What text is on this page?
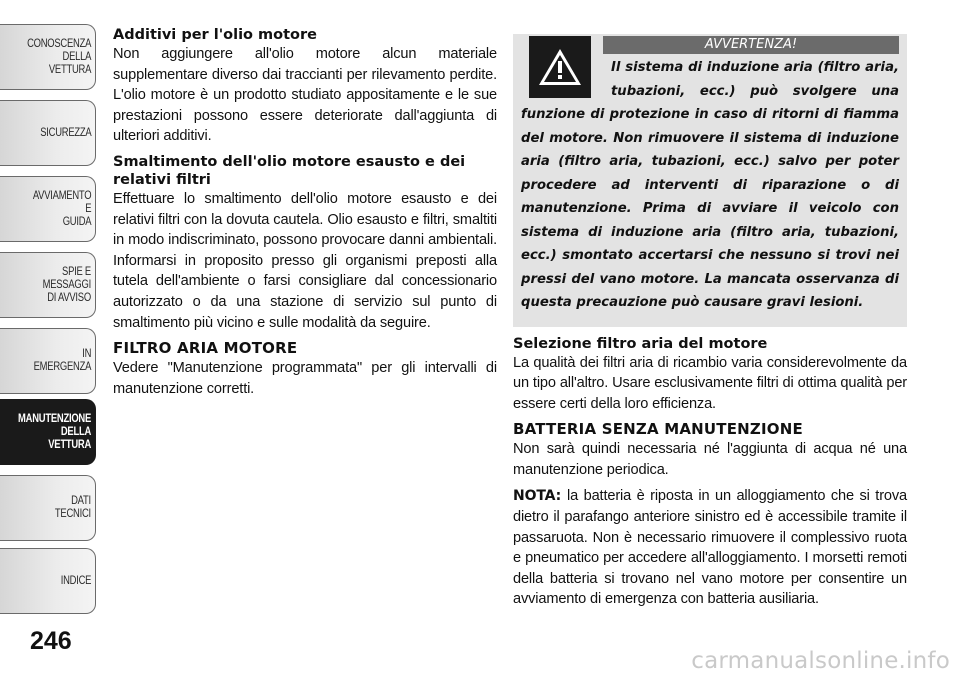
CONOSCENZA
DELLA
VETTURA
SICUREZZA
AVVIAMENTO
E
GUIDA
SPIE E
MESSAGGI
DI AVVISO
IN
EMERGENZA
MANUTENZIONE
DELLA
VETTURA
DATI
TECNICI
INDICE
246
Additivi per l'olio motore

Non aggiungere all'olio motore alcun materiale supplementare diverso dai traccianti per rilevamento perdite. L'olio motore è un prodotto studiato appositamente e le sue prestazioni possono essere deteriorate dall'aggiunta di ulteriori additivi.

Smaltimento dell'olio motore esausto e dei relativi filtri

Effettuare lo smaltimento dell'olio motore esausto e dei relativi filtri con la dovuta cautela. Olio esausto e filtri, smaltiti in modo indiscriminato, possono provocare danni ambientali. Informarsi in proposito presso gli organismi preposti alla tutela dell'ambiente o farsi consigliare dal concessionario autorizzato o da una stazione di servizio sul punto di smaltimento più vicino e sulle modalità da seguire.

FILTRO ARIA MOTORE

Vedere "Manutenzione programmata" per gli intervalli di manutenzione corretti.

AVVERTENZA!
Il sistema di induzione aria (filtro aria, tubazioni, ecc.) può svolgere una funzione di protezione in caso di ritorni di fiamma del motore. Non rimuovere il sistema di induzione aria (filtro aria, tubazioni, ecc.) salvo per poter procedere ad interventi di riparazione o di manutenzione. Prima di avviare il veicolo con sistema di induzione aria (filtro aria, tubazioni, ecc.) smontato accertarsi che nessuno si trovi nei pressi del vano motore. La mancata osservanza di questa precauzione può causare gravi lesioni.
Selezione filtro aria del motore

La qualità dei filtri aria di ricambio varia considerevolmente da un tipo all'altro. Usare esclusivamente filtri di ottima qualità per essere certi della loro efficienza.

BATTERIA SENZA MANUTENZIONE

Non sarà quindi necessaria né l'aggiunta di acqua né una manutenzione periodica.

NOTA: la batteria è riposta in un alloggiamento che si trova dietro il parafango anteriore sinistro ed è accessibile tramite il passaruota. Non è necessario rimuovere il complessivo ruota e pneumatico per accedere all'alloggiamento. I morsetti remoti della batteria si trovano nel vano motore per consentire un avviamento di emergenza con batteria ausiliaria.

carmanualsonline.info
